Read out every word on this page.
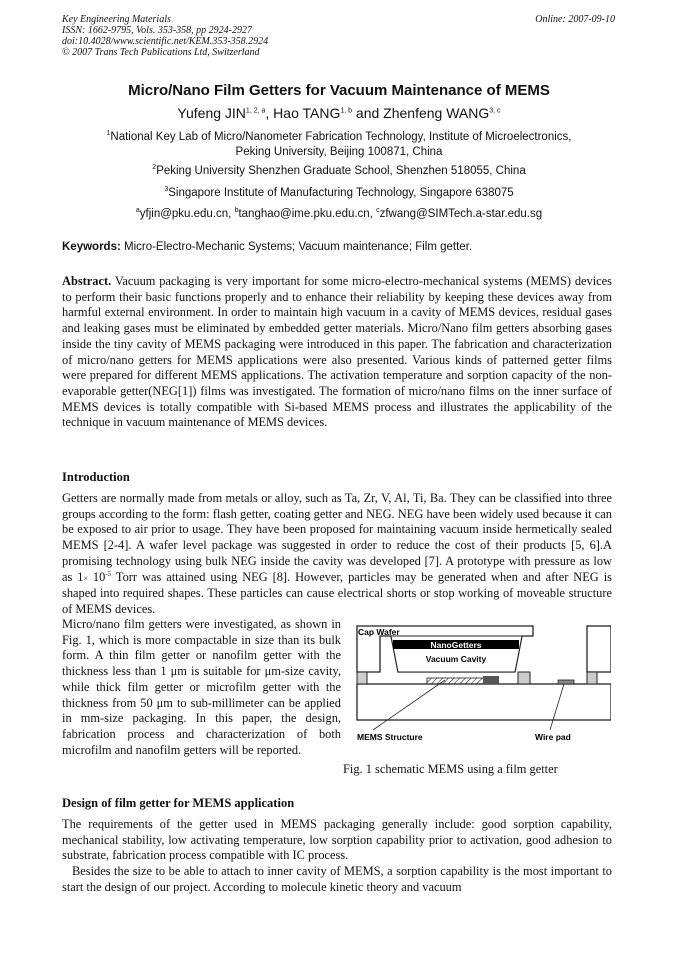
Key Engineering Materials
ISSN: 1662-9795, Vols. 353-358, pp 2924-2927
doi:10.4028/www.scientific.net/KEM.353-358.2924
© 2007 Trans Tech Publications Ltd, Switzerland
Online: 2007-09-10
Micro/Nano Film Getters for Vacuum Maintenance of MEMS
Yufeng JIN$^{1, 2, a}$, Hao TANG$^{1, b}$ and Zhenfeng WANG$^{3, c}$
$^1$National Key Lab of Micro/Nanometer Fabrication Technology, Institute of Microelectronics,
Peking University, Beijing 100871, China
$^2$Peking University Shenzhen Graduate School, Shenzhen 518055, China
$^3$Singapore Institute of Manufacturing Technology, Singapore 638075
$^a$yfjin@pku.edu.cn, $^b$tanghao@ime.pku.edu.cn, $^c$zfwang@SIMTech.a-star.edu.sg
Keywords: Micro-Electro-Mechanic Systems; Vacuum maintenance; Film getter.
Abstract. Vacuum packaging is very important for some micro-electro-mechanical systems (MEMS) devices to perform their basic functions properly and to enhance their reliability by keeping these devices away from harmful external environment. In order to maintain high vacuum in a cavity of MEMS devices, residual gases and leaking gases must be eliminated by embedded getter materials. Micro/Nano film getters absorbing gases inside the tiny cavity of MEMS packaging were introduced in this paper. The fabrication and characterization of micro/nano getters for MEMS applications were also presented. Various kinds of patterned getter films were prepared for different MEMS applications. The activation temperature and sorption capacity of the non-evaporable getter(NEG[1]) films was investigated. The formation of micro/nano films on the inner surface of MEMS devices is totally compatible with Si-based MEMS process and illustrates the applicability of the technique in vacuum maintenance of MEMS devices.
Introduction
Getters are normally made from metals or alloy, such as Ta, Zr, V, Al, Ti, Ba. They can be classified into three groups according to the form: flash getter, coating getter and NEG. NEG have been widely used because it can be exposed to air prior to usage. They have been proposed for maintaining vacuum inside hermetically sealed MEMS [2-4]. A wafer level package was suggested in order to reduce the cost of their products [5, 6].A promising technology using bulk NEG inside the cavity was developed [7]. A prototype with pressure as low as $1\times 10^{-5}$ Torr was attained using NEG [8]. However, particles may be generated when and after NEG is shaped into required shapes. These particles can cause electrical shorts or stop working of moveable structure of MEMS devices.
Micro/nano film getters were investigated, as shown in Fig. 1, which is more compactable in size than its bulk form. A thin film getter or nanofilm getter with the thickness less than 1 μm is suitable for μm-size cavity, while thick film getter or microfilm getter with the thickness from 50 μm to sub-millimeter can be applied in mm-size packaging. In this paper, the design, fabrication process and characterization of both microfilm and nanofilm getters will be reported.
Cap Wafer
NanoGetters
Vacuum Cavity
MEMS Structure	Wire pad
Fig. 1 schematic MEMS using a film getter
Design of film getter for MEMS application

The requirements of the getter used in MEMS packaging generally include: good sorption capability, mechanical stability, low activating temperature, low sorption capability prior to activation, good adhesion to substrate, fabrication process compatible with IC process.

Besides the size to be able to attach to inner cavity of MEMS, a sorption capability is the most important to start the design of our project. According to molecule kinetic theory and vacuum
